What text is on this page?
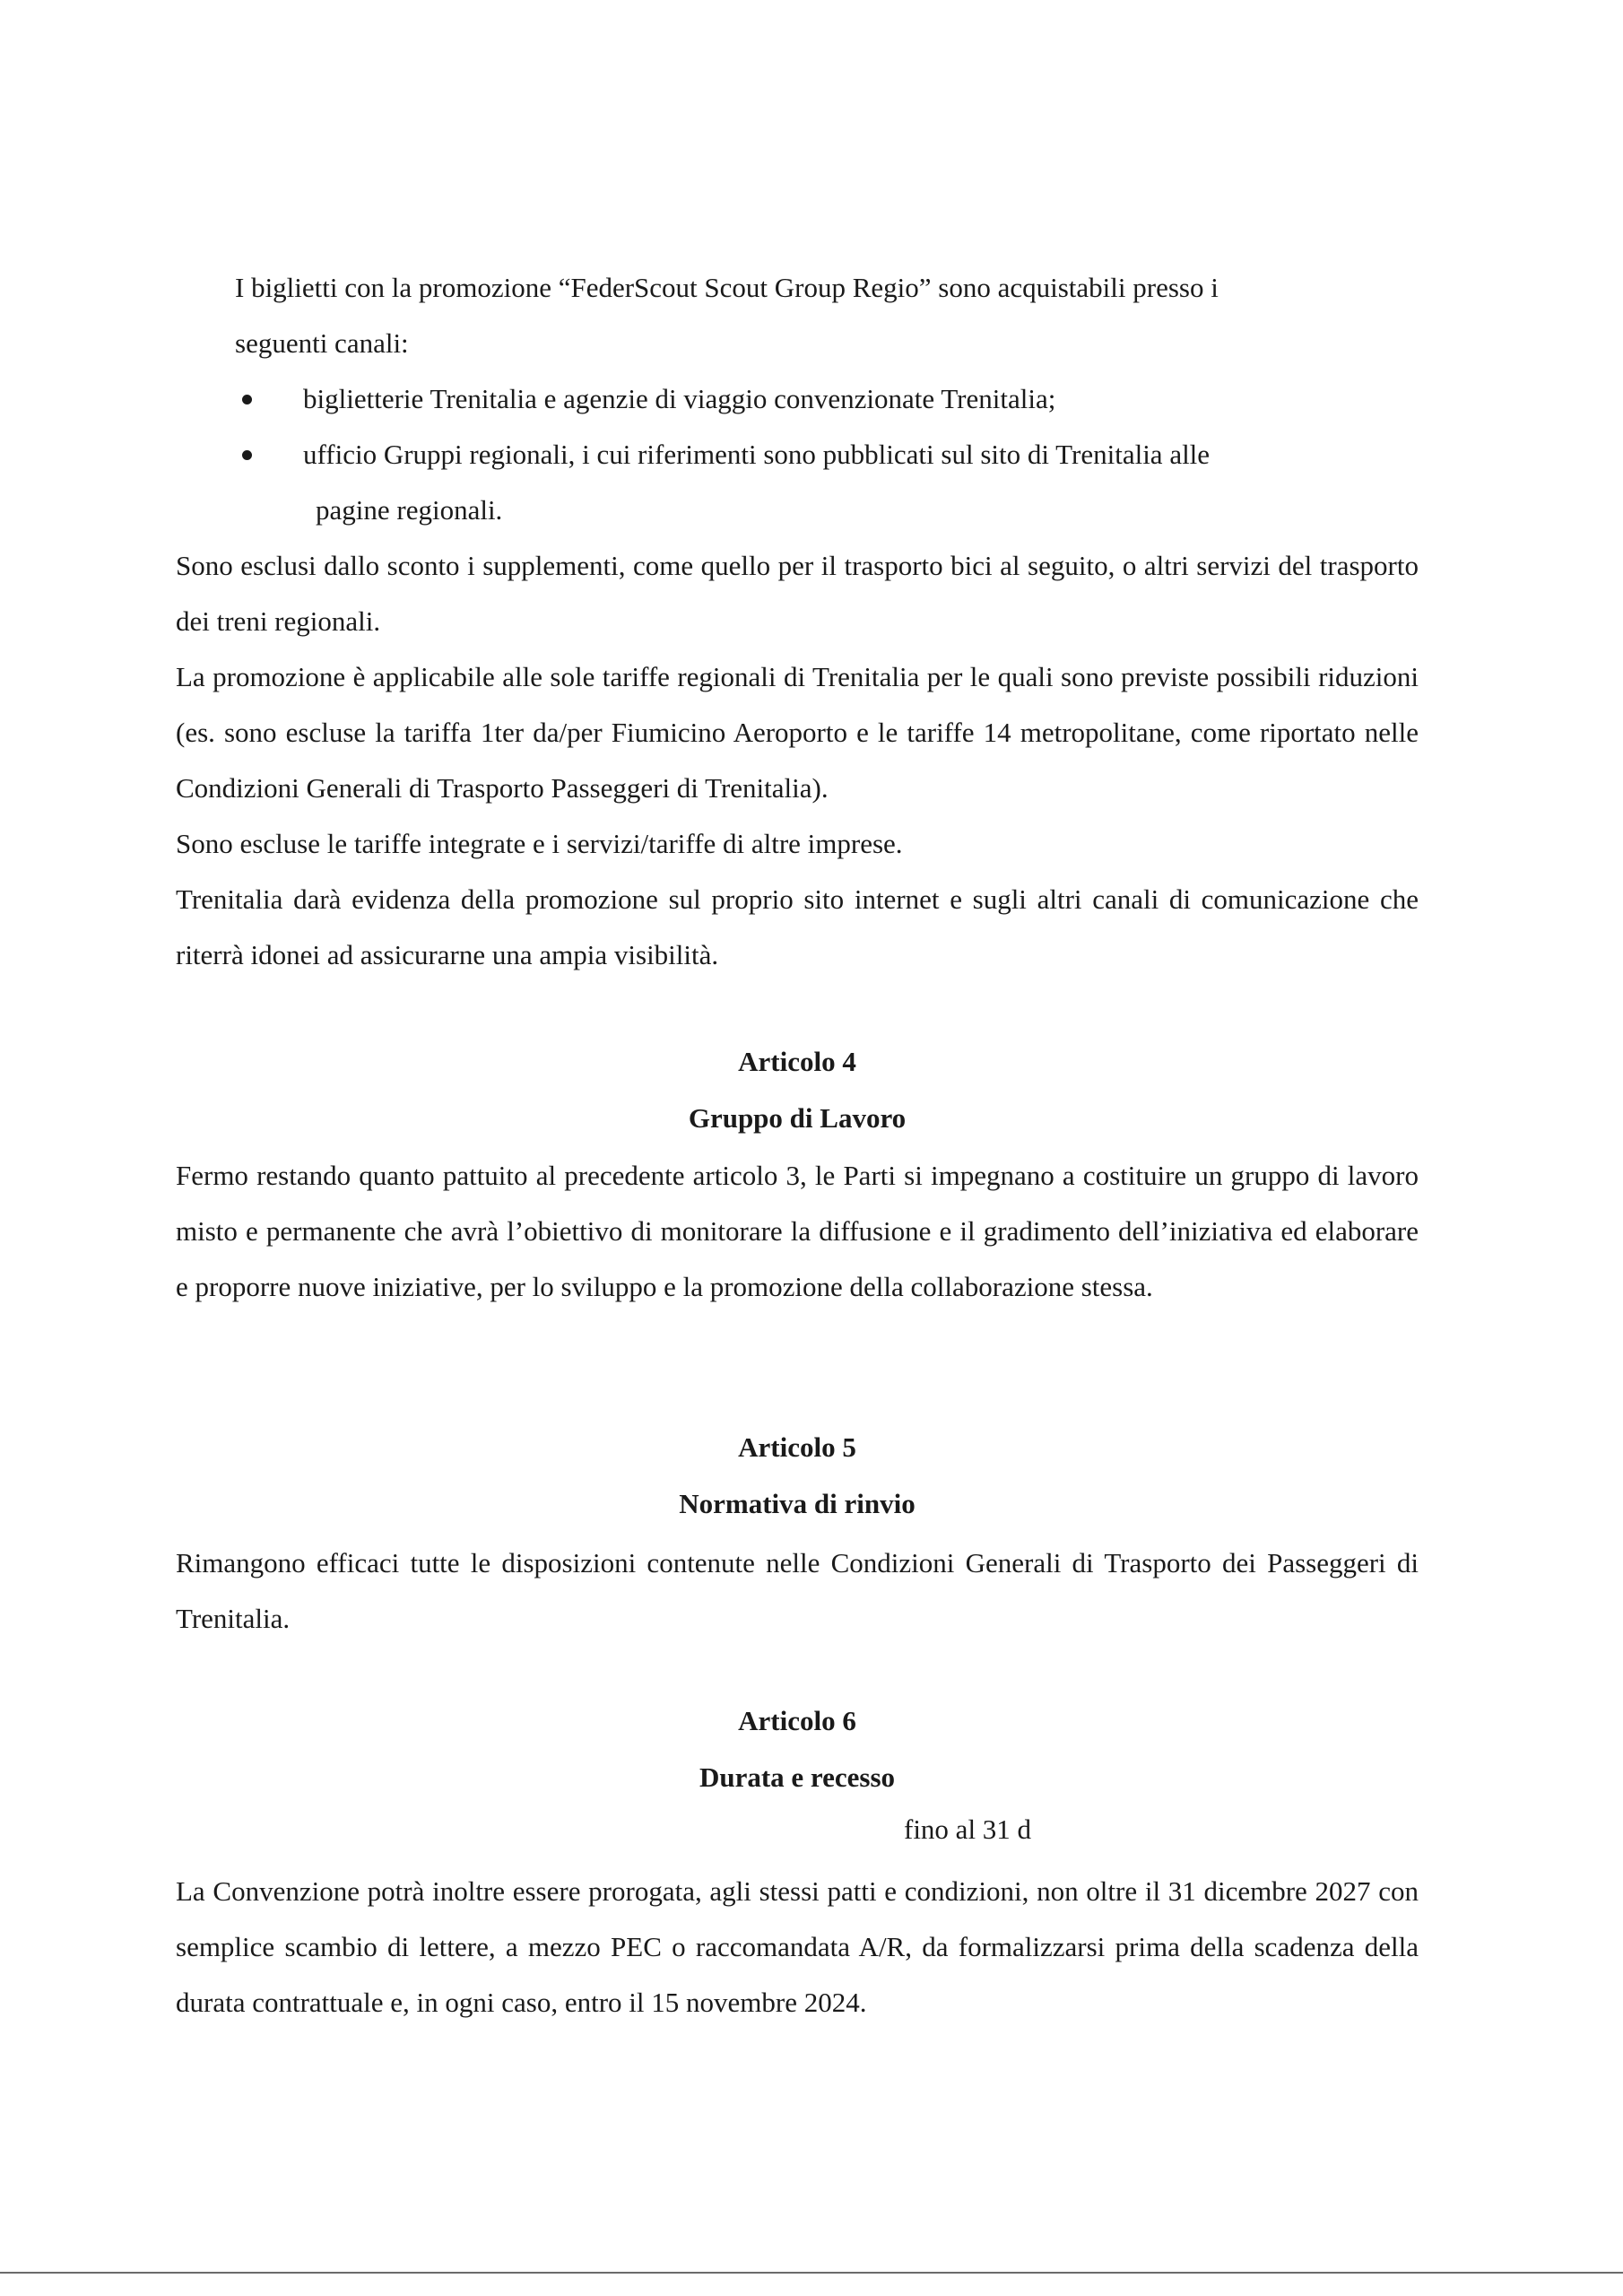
I biglietti con la promozione “FederScout Scout Group Regio” sono acquistabili presso i
seguenti canali:
biglietterie Trenitalia e agenzie di viaggio convenzionate Trenitalia;
ufficio Gruppi regionali, i cui riferimenti sono pubblicati sul sito di Trenitalia alle
pagine regionali.
Sono esclusi dallo sconto i supplementi, come quello per il trasporto bici al seguito, o altri servizi del trasporto dei treni regionali.
La promozione è applicabile alle sole tariffe regionali di Trenitalia per le quali sono previste possibili riduzioni (es. sono escluse la tariffa 1ter da/per Fiumicino Aeroporto e le tariffe 14 metropolitane, come riportato nelle Condizioni Generali di Trasporto Passeggeri di Trenitalia).
Sono escluse le tariffe integrate e i servizi/tariffe di altre imprese.
Trenitalia darà evidenza della promozione sul proprio sito internet e sugli altri canali di comunicazione che riterrà idonei ad assicurarne una ampia visibilità.
Articolo 4
Gruppo di Lavoro
Fermo restando quanto pattuito al precedente articolo 3, le Parti si impegnano a costituire un gruppo di lavoro misto e permanente che avrà l’obiettivo di monitorare la diffusione e il gradimento dell’iniziativa ed elaborare e proporre nuove iniziative, per lo sviluppo e la promozione della collaborazione stessa.
Articolo 5
Normativa di rinvio
Rimangono efficaci tutte le disposizioni contenute nelle Condizioni Generali di Trasporto dei Passeggeri di Trenitalia.
Articolo 6
Durata e recesso
fino al 31 d
La Convenzione potrà inoltre essere prorogata, agli stessi patti e condizioni, non oltre il 31 dicembre 2027 con semplice scambio di lettere, a mezzo PEC o raccomandata A/R, da formalizzarsi prima della scadenza della durata contrattuale e, in ogni caso, entro il 15 novembre 2024.
